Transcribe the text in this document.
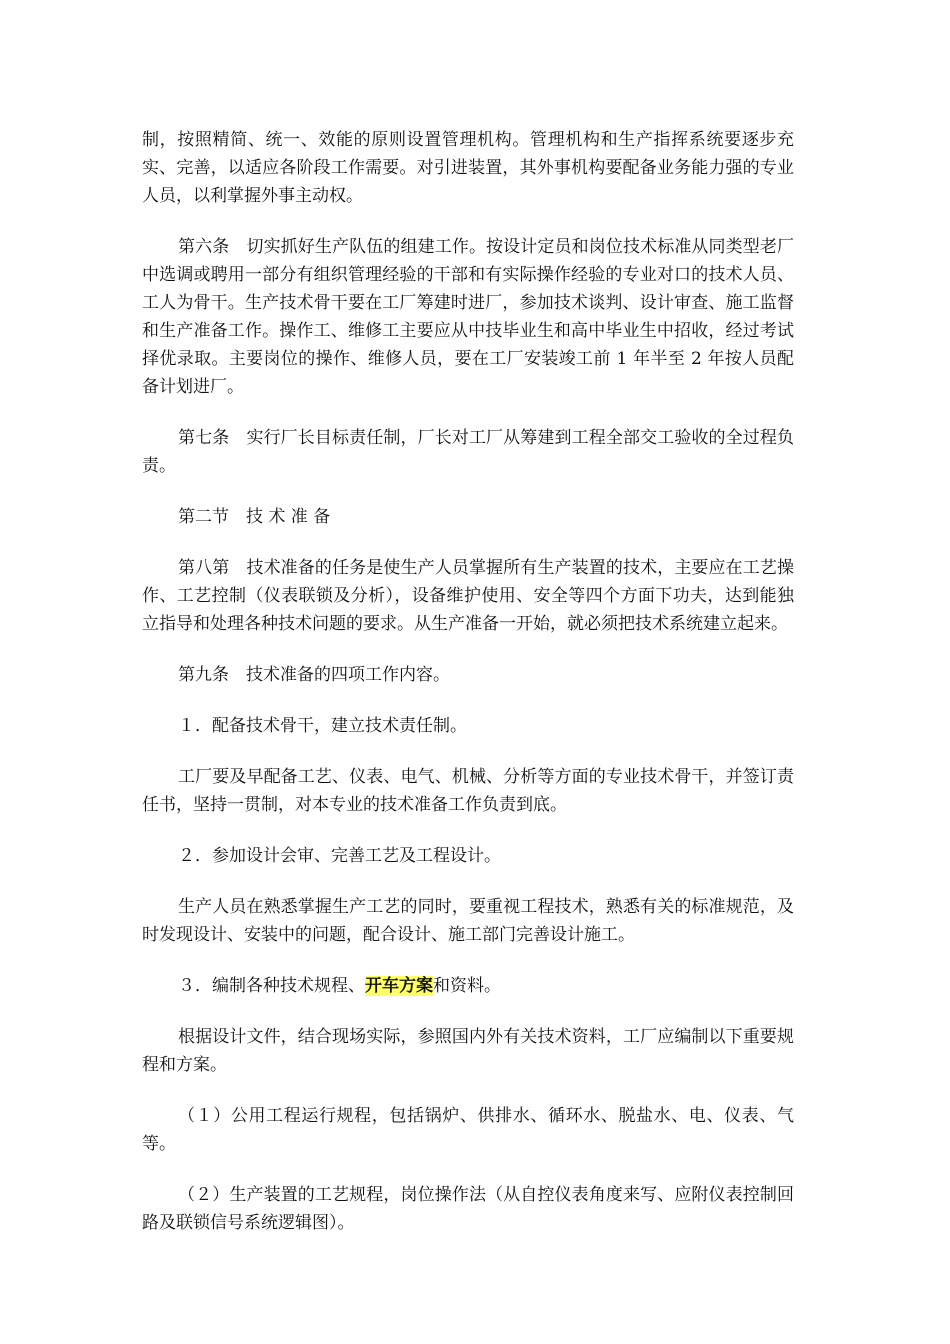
制，按照精简、统一、效能的原则设置管理机构。管理机构和生产指挥系统要逐步充实、完善，以适应各阶段工作需要。对引进装置，其外事机构要配备业务能力强的专业人员，以利掌握外事主动权。

第六条　切实抓好生产队伍的组建工作。按设计定员和岗位技术标准从同类型老厂中选调或聘用一部分有组织管理经验的干部和有实际操作经验的专业对口的技术人员、工人为骨干。生产技术骨干要在工厂筹建时进厂，参加技术谈判、设计审查、施工监督和生产准备工作。操作工、维修工主要应从中技毕业生和高中毕业生中招收，经过考试择优录取。主要岗位的操作、维修人员，要在工厂安装竣工前 1 年半至 2 年按人员配备计划进厂。

第七条　实行厂长目标责任制，厂长对工厂从筹建到工程全部交工验收的全过程负责。

第二节　技 术 准 备

第八第　技术准备的任务是使生产人员掌握所有生产装置的技术，主要应在工艺操作、工艺控制（仪表联锁及分析），设备维护使用、安全等四个方面下功夫，达到能独立指导和处理各种技术问题的要求。从生产准备一开始，就必须把技术系统建立起来。

第九条　技术准备的四项工作内容。

１．配备技术骨干，建立技术责任制。

工厂要及早配备工艺、仪表、电气、机械、分析等方面的专业技术骨干，并签订责任书，坚持一贯制，对本专业的技术准备工作负责到底。

２．参加设计会审、完善工艺及工程设计。

生产人员在熟悉掌握生产工艺的同时，要重视工程技术，熟悉有关的标准规范，及时发现设计、安装中的问题，配合设计、施工部门完善设计施工。

３．编制各种技术规程、开车方案和资料。

根据设计文件，结合现场实际，参照国内外有关技术资料，工厂应编制以下重要规程和方案。

（１）公用工程运行规程，包括锅炉、供排水、循环水、脱盐水、电、仪表、气等。

（２）生产装置的工艺规程，岗位操作法（从自控仪表角度来写、应附仪表控制回路及联锁信号系统逻辑图）。
